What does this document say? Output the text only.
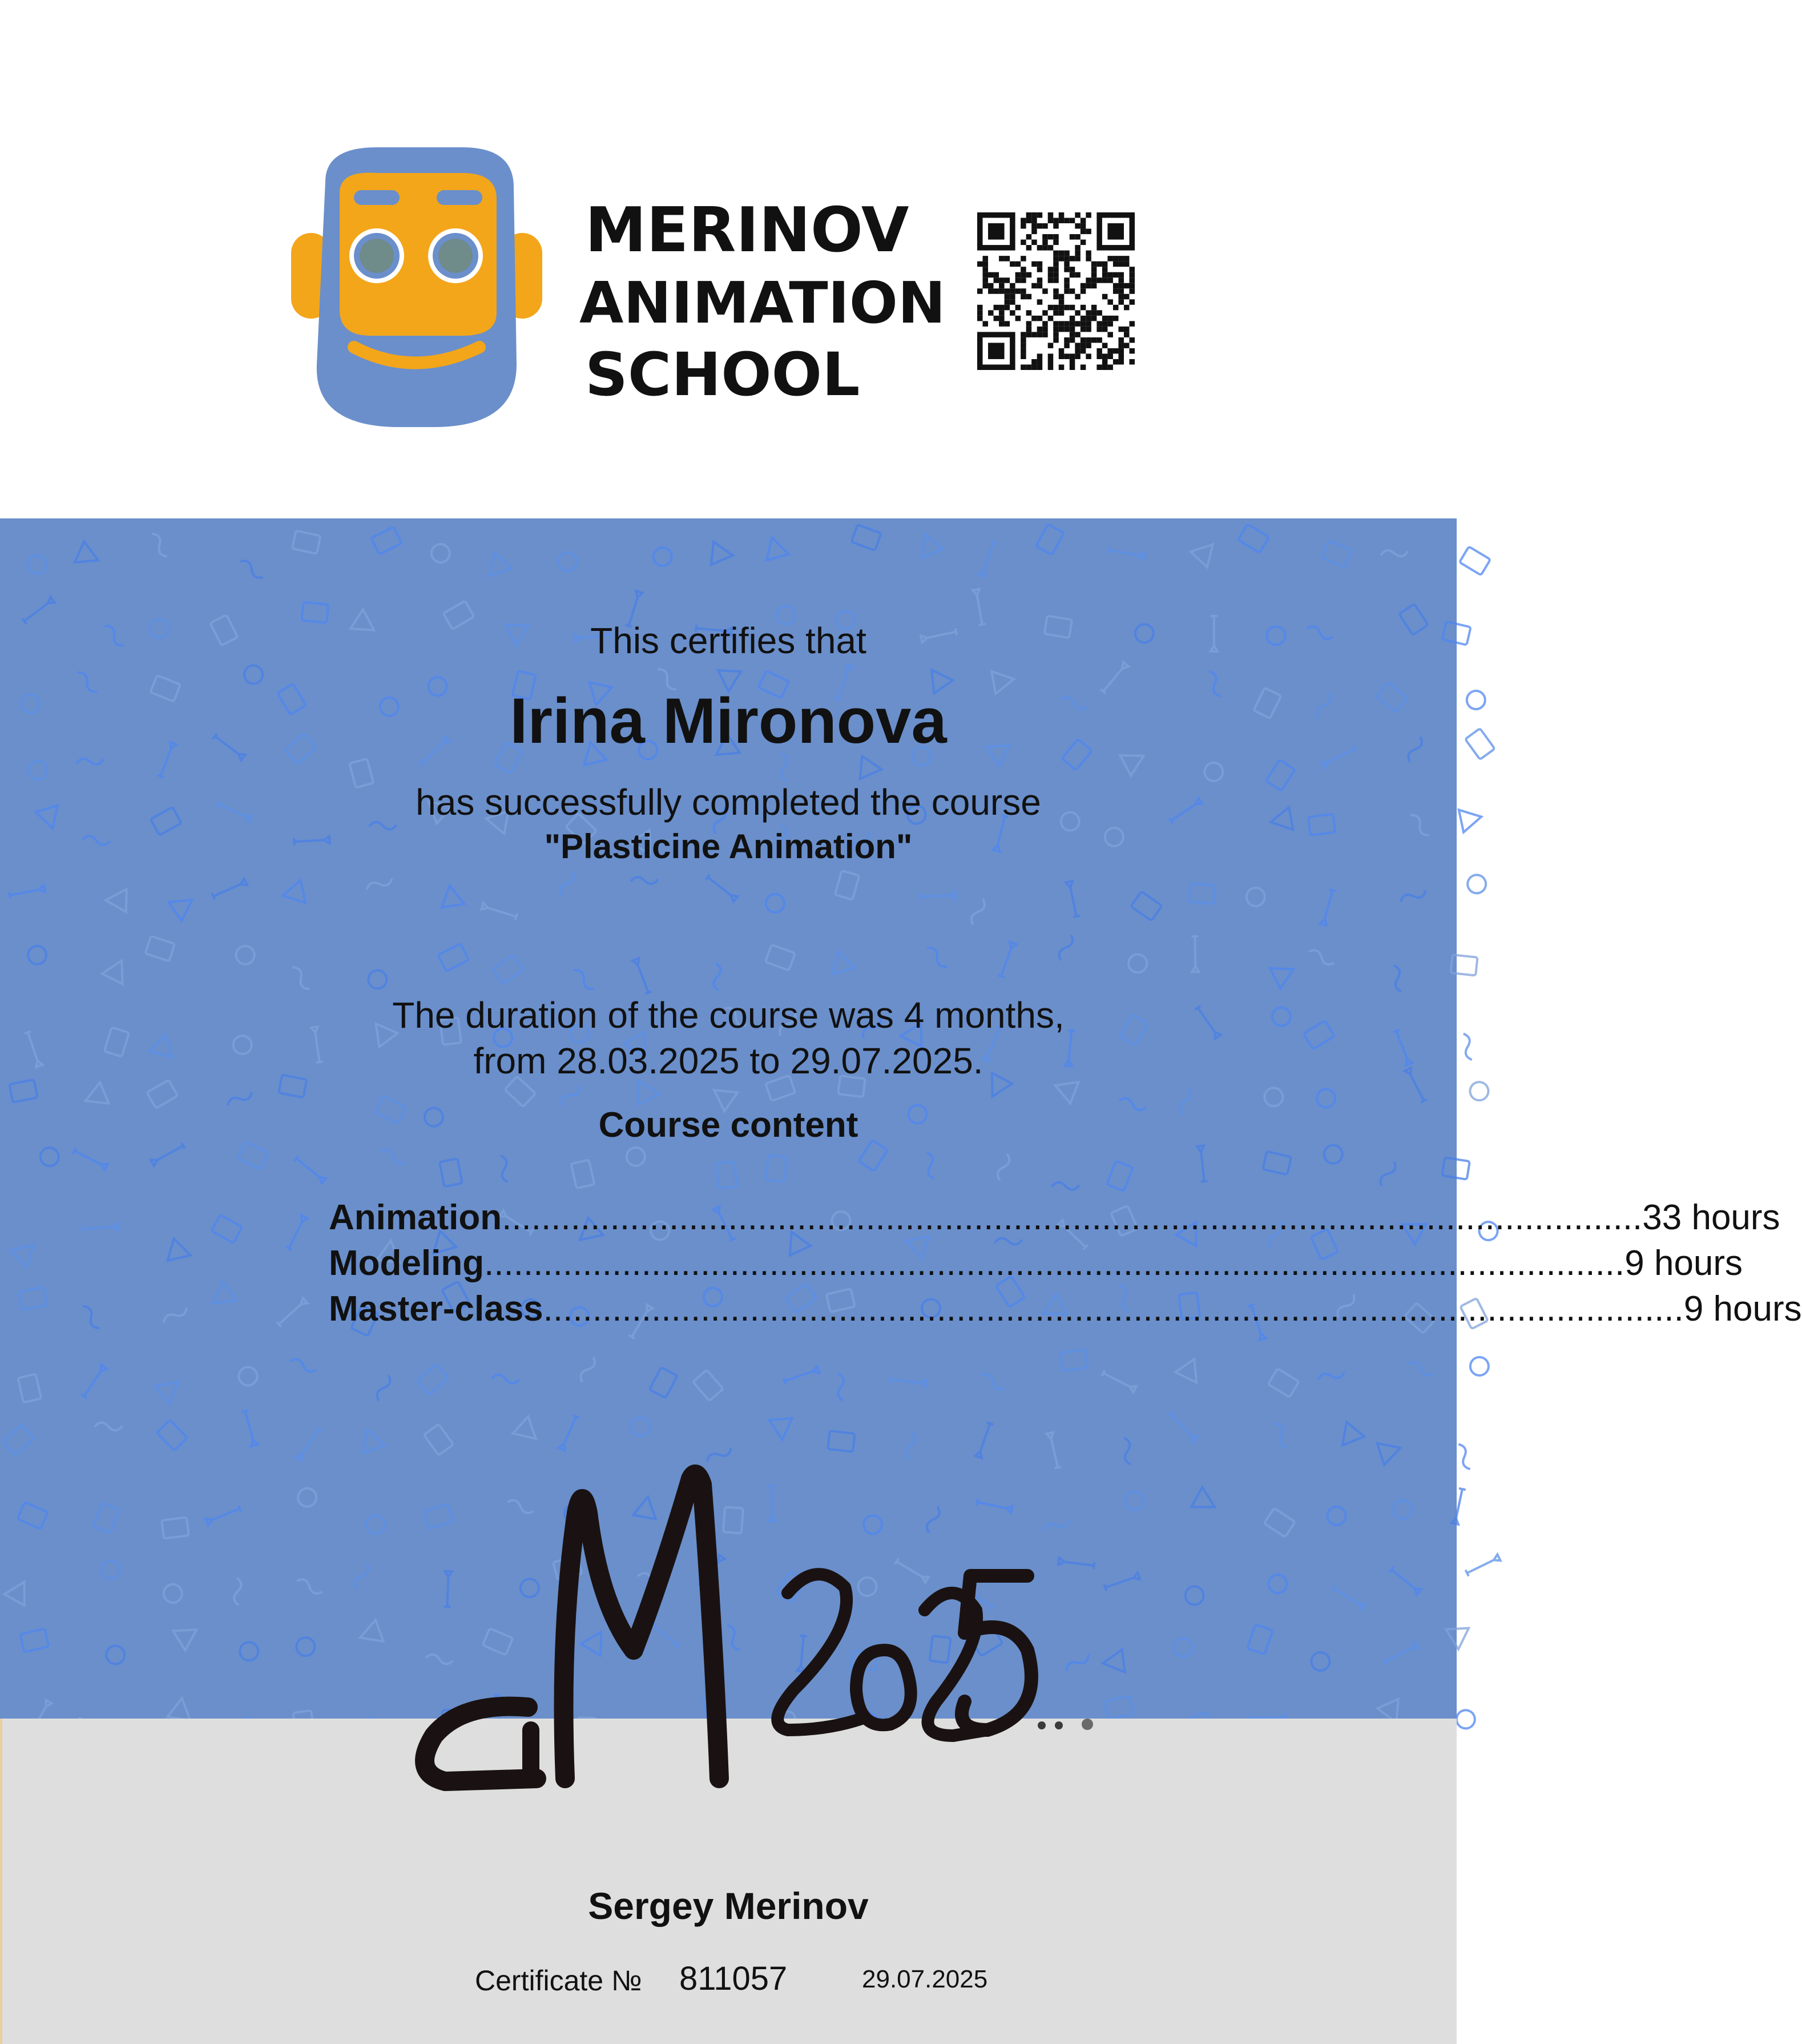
MERINOV
ANIMATION
SCHOOL
This certifies that
Irina Mironova
has successfully completed the course
"Plasticine Animation"
The duration of the course was 4 months,
from 28.03.2025 to 29.07.2025.
Course content
Animation .................................................................................................................... 33 hours
Modeling .................................................................................................................... 9 hours
Master-class .................................................................................................................... 9 hours
Sergey Merinov
Certificate № 811057	29.07.2025
